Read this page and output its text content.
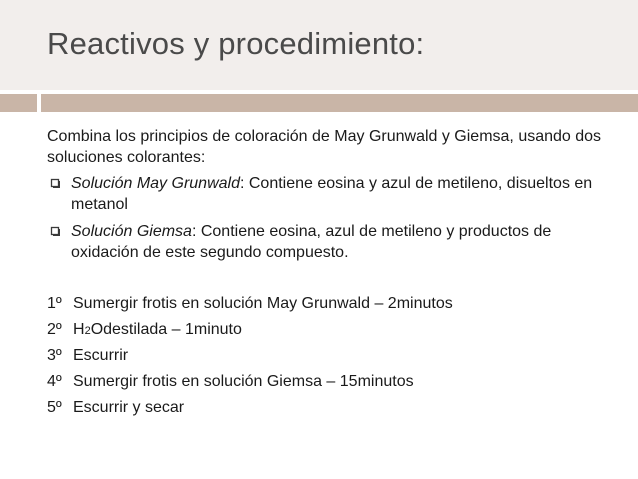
Reactivos y procedimiento:
Combina los principios de coloración de May Grunwald y Giemsa, usando dos soluciones colorantes:
Solución May Grunwald: Contiene eosina y azul de metileno, disueltos en metanol
Solución Giemsa: Contiene eosina, azul de metileno y productos de oxidación de este segundo compuesto.
1º Sumergir frotis en solución May Grunwald – 2minutos
2º H2Odestilada – 1minuto
3º Escurrir
4º Sumergir frotis en solución Giemsa – 15minutos
5º Escurrir y secar
